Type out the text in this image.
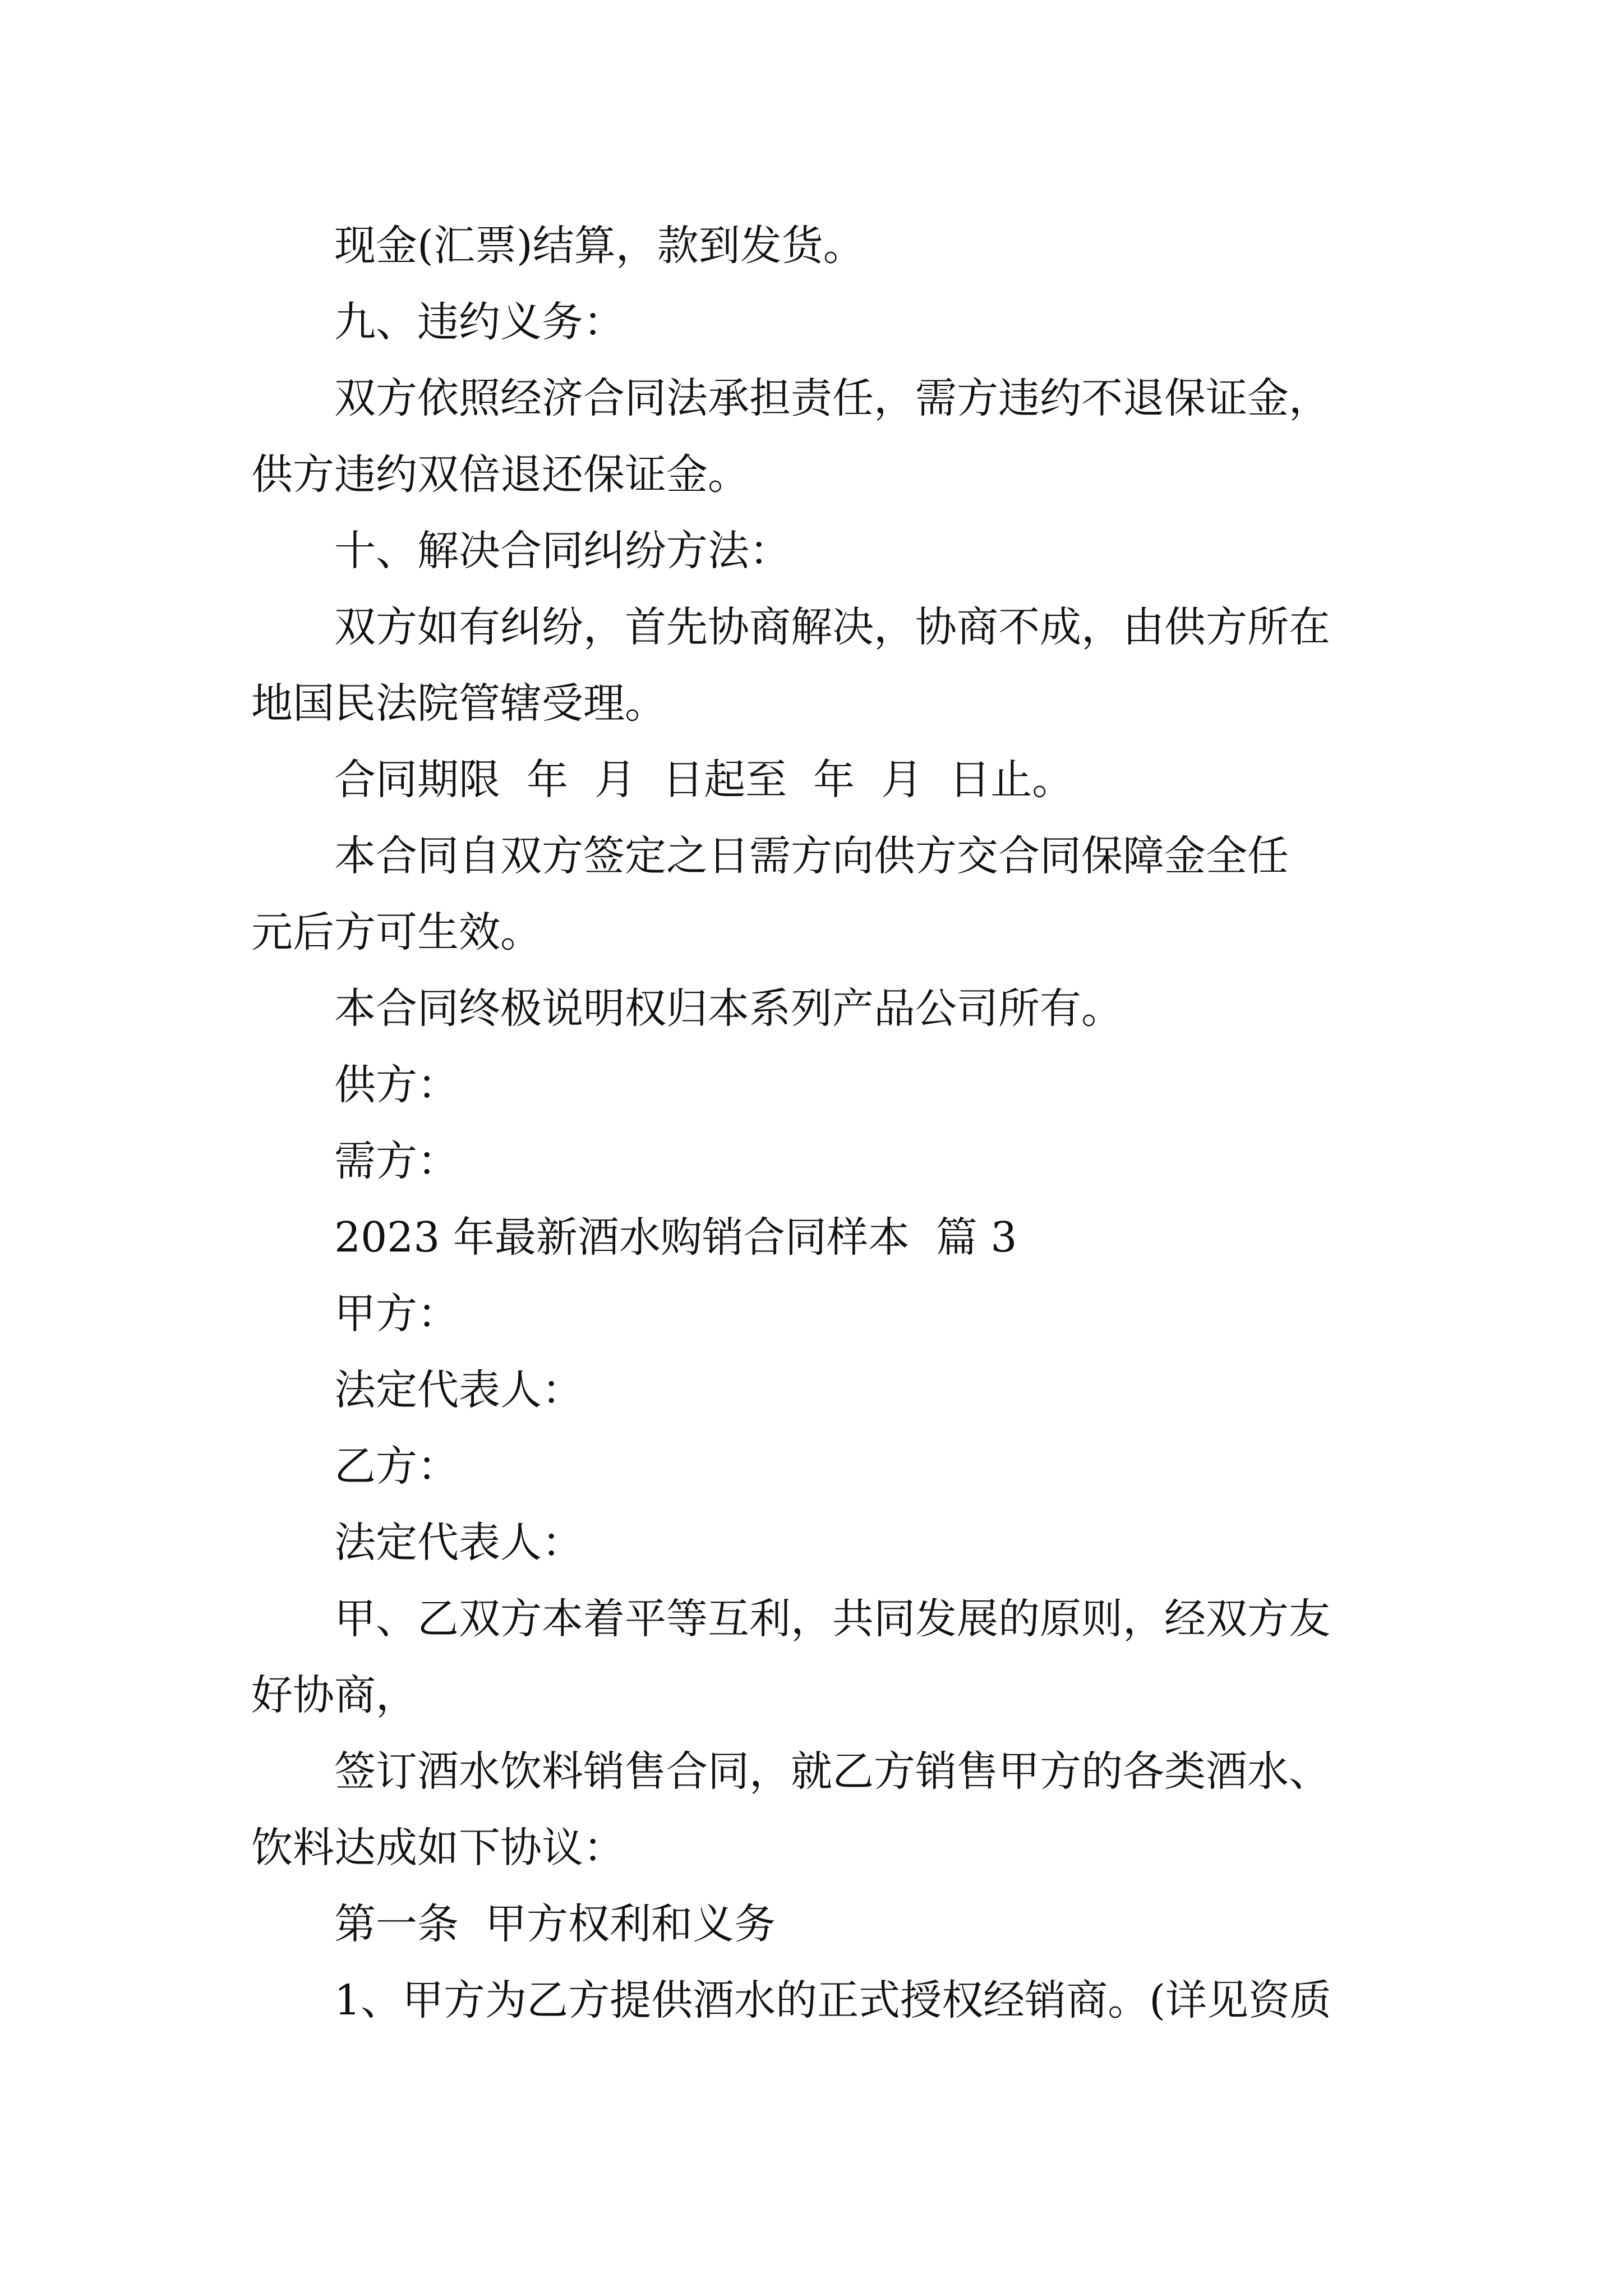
现金(汇票)结算，款到发货。
九、违约义务：
双方依照经济合同法承担责任，需方违约不退保证金，
供方违约双倍退还保证金。
十、解决合同纠纷方法：
双方如有纠纷，首先协商解决，协商不成，由供方所在
地国民法院管辖受理。
合同期限  年  月  日起至  年  月  日止。
本合同自双方签定之日需方向供方交合同保障金全任
元后方可生效。
本合同终极说明权归本系列产品公司所有。
供方：
需方：
2023 年最新酒水购销合同样本  篇 3
甲方：
法定代表人：
乙方：
法定代表人：
甲、乙双方本着平等互利，共同发展的原则，经双方友
好协商，
签订酒水饮料销售合同，就乙方销售甲方的各类酒水、
饮料达成如下协议：
第一条  甲方权利和义务
1、甲方为乙方提供酒水的正式授权经销商。(详见资质
